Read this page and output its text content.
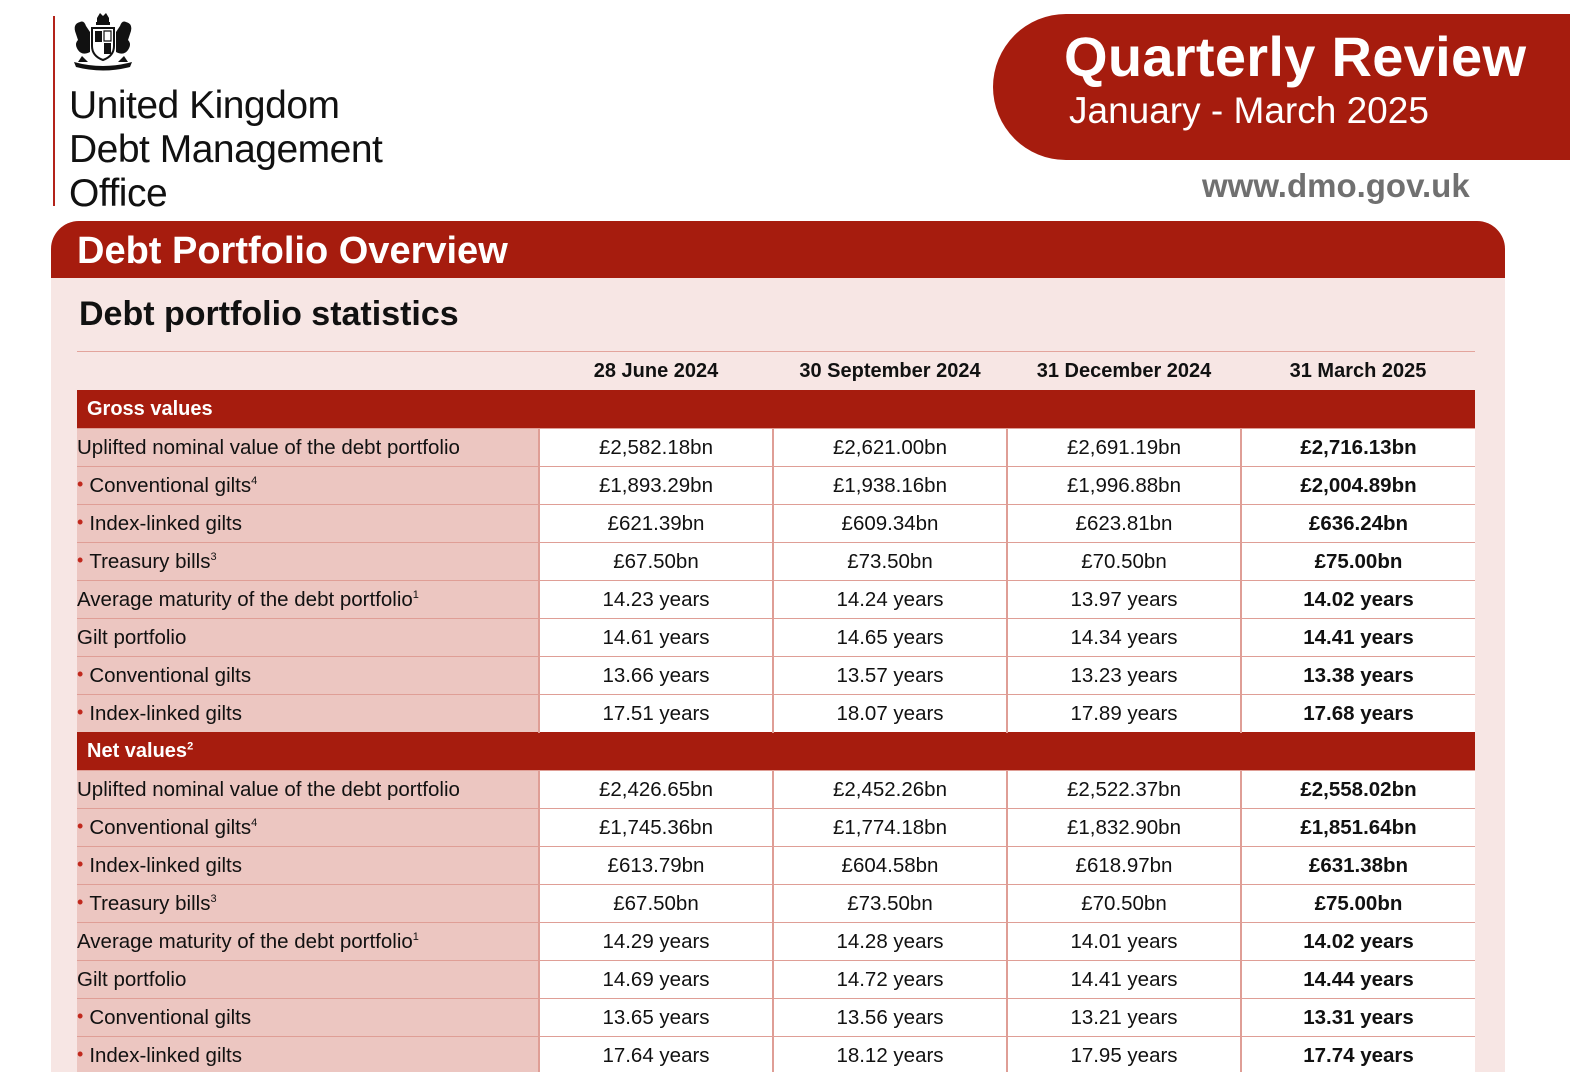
United Kingdom
Debt Management
Office
Quarterly Review
January - March 2025
www.dmo.gov.uk
Debt Portfolio Overview
Debt portfolio statistics
	28 June 2024	30 September 2024	31 December 2024	31 March 2025
Gross values				
Uplifted nominal value of the debt portfolio	£2,582.18bn	£2,621.00bn	£2,691.19bn	£2,716.13bn
• Conventional gilts$^4$	£1,893.29bn	£1,938.16bn	£1,996.88bn	£2,004.89bn
• Index-linked gilts	£621.39bn	£609.34bn	£623.81bn	£636.24bn
• Treasury bills$^3$	£67.50bn	£73.50bn	£70.50bn	£75.00bn
Average maturity of the debt portfolio$^1$	14.23 years	14.24 years	13.97 years	14.02 years
Gilt portfolio	14.61 years	14.65 years	14.34 years	14.41 years
• Conventional gilts	13.66 years	13.57 years	13.23 years	13.38 years
• Index-linked gilts	17.51 years	18.07 years	17.89 years	17.68 years
Net values$^2$
Uplifted nominal value of the debt portfolio	£2,426.65bn	£2,452.26bn	£2,522.37bn	£2,558.02bn
• Conventional gilts$^4$	£1,745.36bn	£1,774.18bn	£1,832.90bn	£1,851.64bn
• Index-linked gilts	£613.79bn	£604.58bn	£618.97bn	£631.38bn
• Treasury bills$^3$	£67.50bn	£73.50bn	£70.50bn	£75.00bn
Average maturity of the debt portfolio$^1$	14.29 years	14.28 years	14.01 years	14.02 years
Gilt portfolio	14.69 years	14.72 years	14.41 years	14.44 years
• Conventional gilts	13.65 years	13.56 years	13.21 years	13.31 years
• Index-linked gilts	17.64 years	18.12 years	17.95 years	17.74 years
